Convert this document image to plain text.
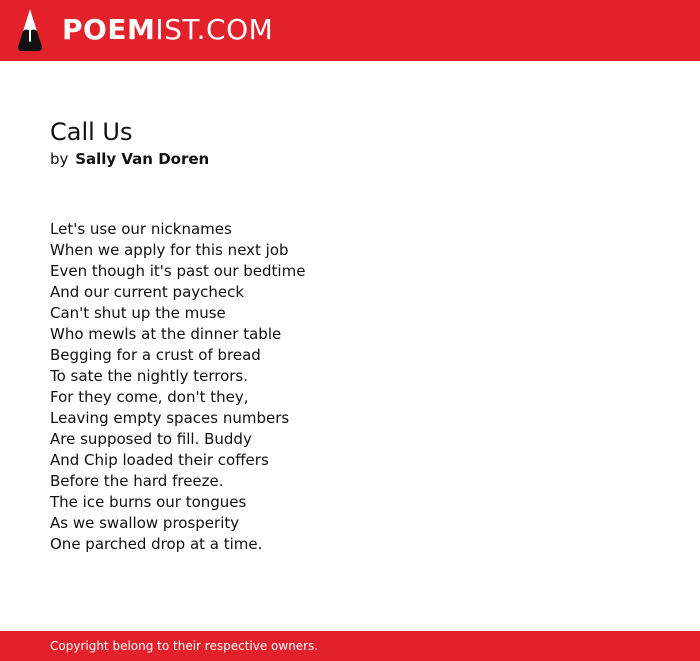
POEM IST.COM
Call Us
by Sally Van Doren
Let's use our nicknames
When we apply for this next job
Even though it's past our bedtime
And our current paycheck
Can't shut up the muse
Who mewls at the dinner table
Begging for a crust of bread
To sate the nightly terrors.
For they come, don't they,
Leaving empty spaces numbers
Are supposed to fill. Buddy
And Chip loaded their coffers
Before the hard freeze.
The ice burns our tongues
As we swallow prosperity
One parched drop at a time.
Copyright belong to their respective owners.
